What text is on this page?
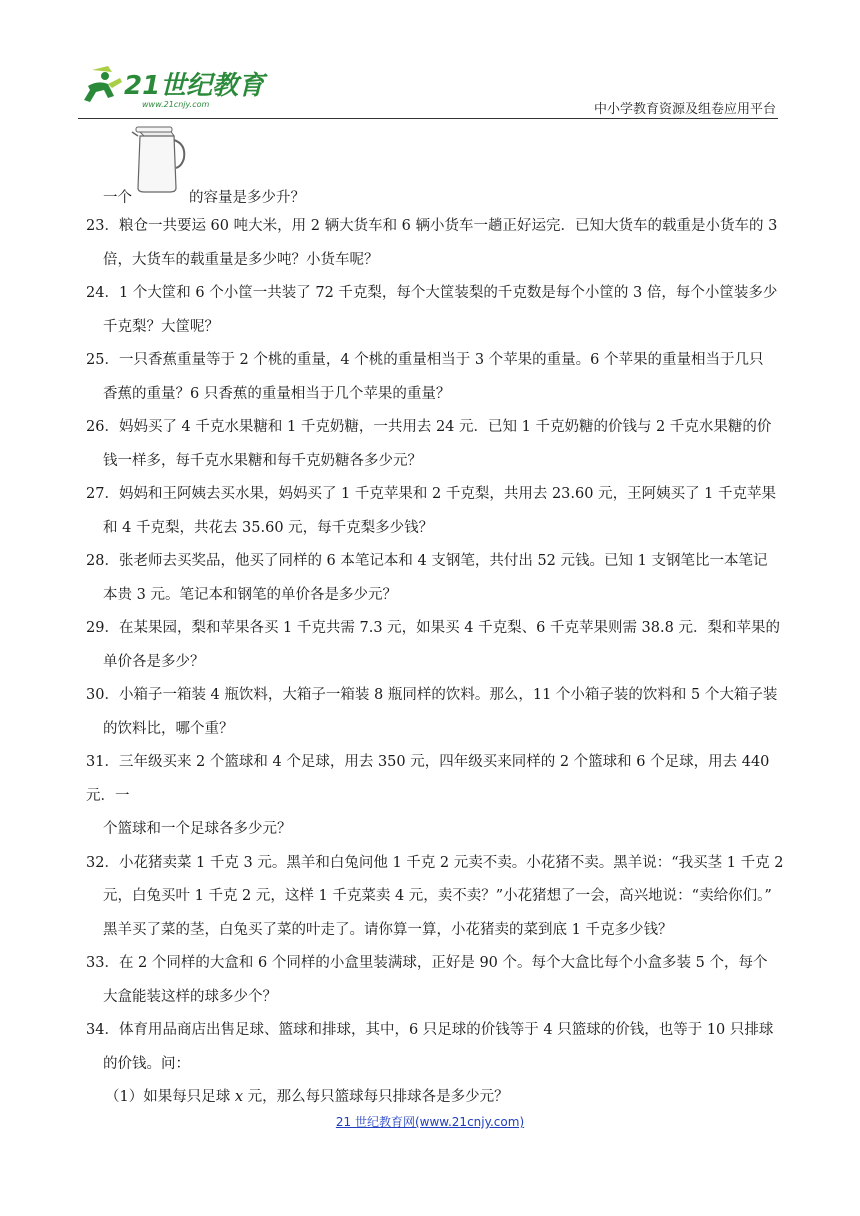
21世纪教育
www.21cnjy.com	中小学教育资源及组卷应用平台
一个	的容量是多少升？
23．粮仓一共要运 60 吨大米，用 2 辆大货车和 6 辆小货车一趟正好运完．已知大货车的载重是小货车的 3
倍，大货车的载重量是多少吨？小货车呢？
24．1 个大筐和 6 个小筐一共装了 72 千克梨，每个大筐装梨的千克数是每个小筐的 3 倍，每个小筐装多少
千克梨？大筐呢？
25．一只香蕉重量等于 2 个桃的重量，4 个桃的重量相当于 3 个苹果的重量。6 个苹果的重量相当于几只
香蕉的重量？6 只香蕉的重量相当于几个苹果的重量？
26．妈妈买了 4 千克水果糖和 1 千克奶糖，一共用去 24 元．已知 1 千克奶糖的价钱与 2 千克水果糖的价
钱一样多，每千克水果糖和每千克奶糖各多少元？
27．妈妈和王阿姨去买水果，妈妈买了 1 千克苹果和 2 千克梨，共用去 23.60 元，王阿姨买了 1 千克苹果
和 4 千克梨，共花去 35.60 元，每千克梨多少钱？
28．张老师去买奖品，他买了同样的 6 本笔记本和 4 支钢笔，共付出 52 元钱。已知 1 支钢笔比一本笔记
本贵 3 元。笔记本和钢笔的单价各是多少元？
29．在某果园，梨和苹果各买 1 千克共需 7.3 元，如果买 4 千克梨、6 千克苹果则需 38.8 元．梨和苹果的
单价各是多少？
30．小箱子一箱装 4 瓶饮料，大箱子一箱装 8 瓶同样的饮料。那么，11 个小箱子装的饮料和 5 个大箱子装
的饮料比，哪个重？
31．三年级买来 2 个篮球和 4 个足球，用去 350 元，四年级买来同样的 2 个篮球和 6 个足球，用去 440 元．一
个篮球和一个足球各多少元？
32．小花猪卖菜 1 千克 3 元。黑羊和白兔问他 1 千克 2 元卖不卖。小花猪不卖。黑羊说：“我买茎 1 千克 2
元，白兔买叶 1 千克 2 元，这样 1 千克菜卖 4 元，卖不卖？”小花猪想了一会，高兴地说：“卖给你们。”
黑羊买了菜的茎，白兔买了菜的叶走了。请你算一算，小花猪卖的菜到底 1 千克多少钱？
33．在 2 个同样的大盒和 6 个同样的小盒里装满球，正好是 90 个。每个大盒比每个小盒多装 5 个，每个
大盒能装这样的球多少个？
34．体育用品商店出售足球、篮球和排球，其中，6 只足球的价钱等于 4 只篮球的价钱，也等于 10 只排球
的价钱。问：
（1）如果每只足球 x 元，那么每只篮球每只排球各是多少元？
21 世纪教育网(www.21cnjy.com)
